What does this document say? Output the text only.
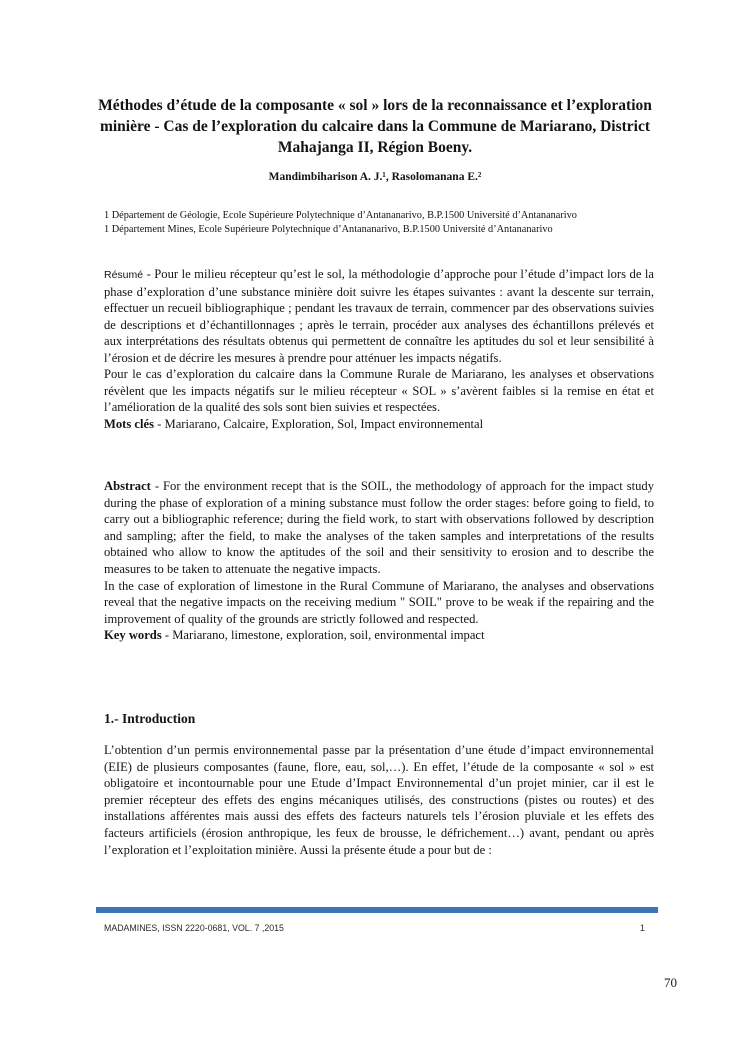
Méthodes d’étude de la composante « sol » lors de la reconnaissance et l’exploration minière - Cas de l’exploration du calcaire dans la Commune de Mariarano, District Mahajanga II, Région Boeny.
Mandimbiharison A. J.¹, Rasolomanana E.²
1 Département de Géologie, Ecole Supérieure Polytechnique d’Antananarivo, B.P.1500 Université d’Antananarivo
1 Département Mines, Ecole Supérieure Polytechnique d’Antananarivo, B.P.1500 Université d’Antananarivo

Résumé - Pour le milieu récepteur qu’est le sol, la méthodologie d’approche pour l’étude d’impact lors de la phase d’exploration d’une substance minière doit suivre les étapes suivantes : avant la descente sur terrain, effectuer un recueil bibliographique ; pendant les travaux de terrain, commencer par des observations suivies de descriptions et d’échantillonnages ; après le terrain, procéder aux analyses des échantillons prélevés et aux interprétations des résultats obtenus qui permettent de connaître les aptitudes du sol et leur sensibilité à l’érosion et de décrire les mesures à prendre pour atténuer les impacts négatifs.

Pour le cas d’exploration du calcaire dans la Commune Rurale de Mariarano, les analyses et observations révèlent que les impacts négatifs sur le milieu récepteur « SOL » s’avèrent faibles si la remise en état et l’amélioration de la qualité des sols sont bien suivies et respectées.

Mots clés - Mariarano, Calcaire, Exploration, Sol, Impact environnemental

Abstract - For the environment recept that is the SOIL, the methodology of approach for the impact study during the phase of exploration of a mining substance must follow the order stages: before going to field, to carry out a bibliographic reference; during the field work, to start with observations followed by description and sampling; after the field, to make the analyses of the taken samples and interpretations of the results obtained who allow to know the aptitudes of the soil and their sensitivity to erosion and to describe the measures to be taken to attenuate the negative impacts.

In the case of exploration of limestone in the Rural Commune of Mariarano, the analyses and observations reveal that the negative impacts on the receiving medium " SOIL" prove to be weak if the repairing and the improvement of quality of the grounds are strictly followed and respected.

Key words - Mariarano, limestone, exploration, soil, environmental impact

1.- Introduction

L’obtention d’un permis environnemental passe par la présentation d’une étude d’impact environnemental (EIE) de plusieurs composantes (faune, flore, eau, sol,…). En effet, l’étude de la composante « sol » est obligatoire et incontournable pour une Etude d’Impact Environnemental d’un projet minier, car il est le premier récepteur des effets des engins mécaniques utilisés, des constructions (pistes ou routes) et des installations afférentes mais aussi des effets des facteurs naturels tels l’érosion pluviale et les effets des facteurs artificiels (érosion anthropique, les feux de brousse, le défrichement…) avant, pendant ou après l’exploration et l’exploitation minière. Aussi la présente étude a pour but de :

MADAMINES, ISSN 2220-0681, VOL. 7 ,2015	1
70
